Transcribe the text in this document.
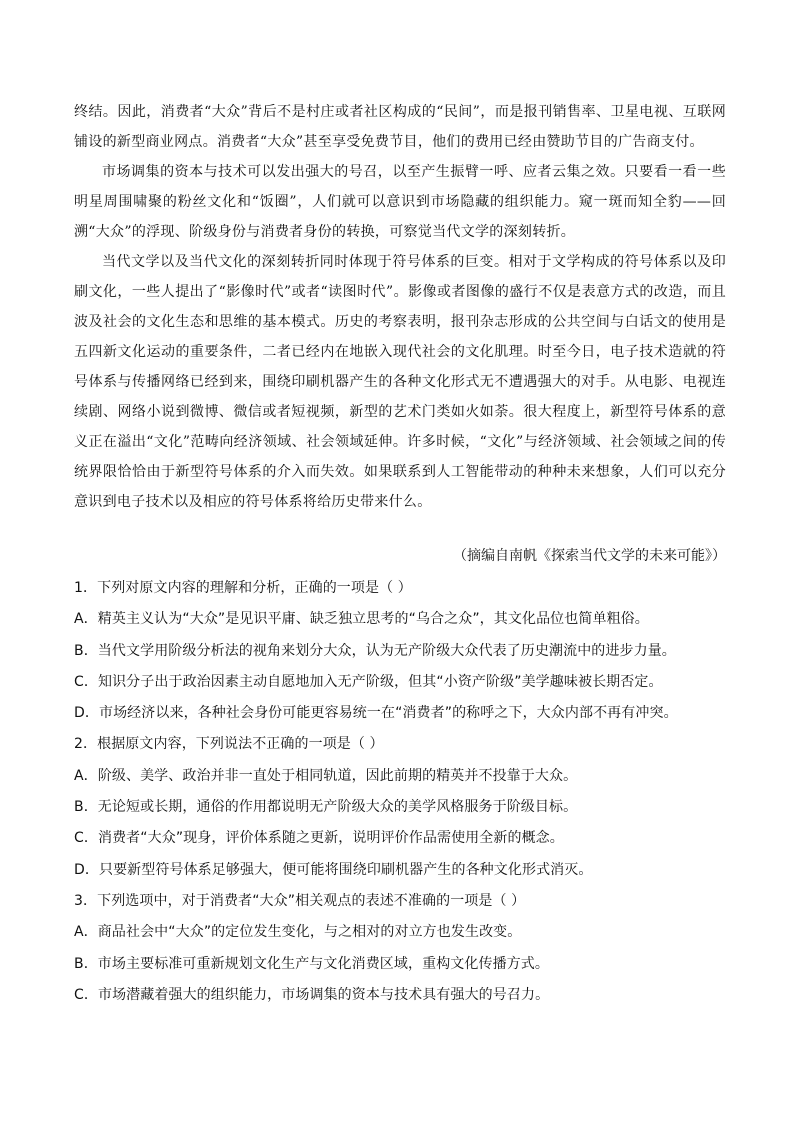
终结。因此，消费者“大众”背后不是村庄或者社区构成的“民间”，而是报刊销售率、卫星电视、互联网铺设的新型商业网点。消费者“大众”甚至享受免费节目，他们的费用已经由赞助节目的广告商支付。

市场调集的资本与技术可以发出强大的号召，以至产生振臂一呼、应者云集之效。只要看一看一些明星周围啸聚的粉丝文化和“饭圈”，人们就可以意识到市场隐藏的组织能力。窥一斑而知全豹——回溯“大众”的浮现、阶级身份与消费者身份的转换，可察觉当代文学的深刻转折。

当代文学以及当代文化的深刻转折同时体现于符号体系的巨变。相对于文学构成的符号体系以及印刷文化，一些人提出了“影像时代”或者“读图时代”。影像或者图像的盛行不仅是表意方式的改造，而且波及社会的文化生态和思维的基本模式。历史的考察表明，报刊杂志形成的公共空间与白话文的使用是五四新文化运动的重要条件，二者已经内在地嵌入现代社会的文化肌理。时至今日，电子技术造就的符号体系与传播网络已经到来，围绕印刷机器产生的各种文化形式无不遭遇强大的对手。从电影、电视连续剧、网络小说到微博、微信或者短视频，新型的艺术门类如火如荼。很大程度上，新型符号体系的意义正在溢出“文化”范畴向经济领域、社会领域延伸。许多时候，“文化”与经济领域、社会领域之间的传统界限恰恰由于新型符号体系的介入而失效。如果联系到人工智能带动的种种未来想象，人们可以充分意识到电子技术以及相应的符号体系将给历史带来什么。

（摘编自南帆《探索当代文学的未来可能》）

1．下列对原文内容的理解和分析，正确的一项是（ ）

A．精英主义认为“大众”是见识平庸、缺乏独立思考的“乌合之众”，其文化品位也简单粗俗。

B．当代文学用阶级分析法的视角来划分大众，认为无产阶级大众代表了历史潮流中的进步力量。

C．知识分子出于政治因素主动自愿地加入无产阶级，但其“小资产阶级”美学趣味被长期否定。

D．市场经济以来，各种社会身份可能更容易统一在“消费者”的称呼之下，大众内部不再有冲突。

2．根据原文内容，下列说法不正确的一项是（ ）

A．阶级、美学、政治并非一直处于相同轨道，因此前期的精英并不投靠于大众。

B．无论短或长期，通俗的作用都说明无产阶级大众的美学风格服务于阶级目标。

C．消费者“大众”现身，评价体系随之更新，说明评价作品需使用全新的概念。

D．只要新型符号体系足够强大，便可能将围绕印刷机器产生的各种文化形式消灭。

3．下列选项中，对于消费者“大众”相关观点的表述不准确的一项是（ ）

A．商品社会中“大众”的定位发生变化，与之相对的对立方也发生改变。

B．市场主要标准可重新规划文化生产与文化消费区域，重构文化传播方式。

C．市场潜藏着强大的组织能力，市场调集的资本与技术具有强大的号召力。
